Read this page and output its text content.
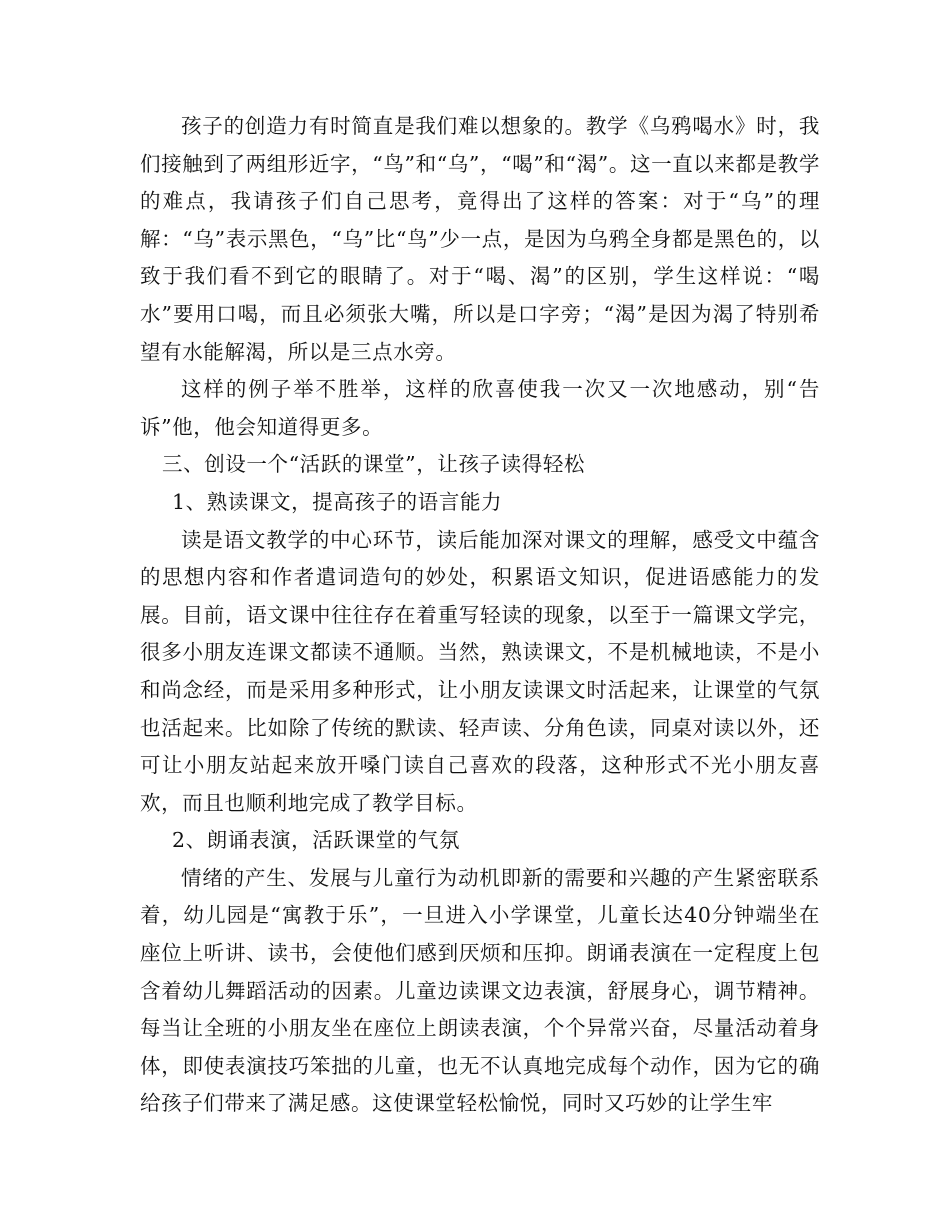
孩子的创造力有时简直是我们难以想象的。教学《乌鸦喝水》时，我们接触到了两组形近字，“鸟”和“乌”，“喝”和“渴”。这一直以来都是教学的难点，我请孩子们自己思考，竟得出了这样的答案：对于“乌”的理解：“乌”表示黑色，“乌”比“鸟”少一点，是因为乌鸦全身都是黑色的，以致于我们看不到它的眼睛了。对于“喝、渴”的区别，学生这样说：“喝水”要用口喝，而且必须张大嘴，所以是口字旁；“渴”是因为渴了特别希望有水能解渴，所以是三点水旁。

这样的例子举不胜举，这样的欣喜使我一次又一次地感动，别“告诉”他，他会知道得更多。

三、创设一个“活跃的课堂”，让孩子读得轻松

1、熟读课文，提高孩子的语言能力

读是语文教学的中心环节，读后能加深对课文的理解，感受文中蕴含的思想内容和作者遣词造句的妙处，积累语文知识，促进语感能力的发展。目前，语文课中往往存在着重写轻读的现象，以至于一篇课文学完，很多小朋友连课文都读不通顺。当然，熟读课文，不是机械地读，不是小和尚念经，而是采用多种形式，让小朋友读课文时活起来，让课堂的气氛也活起来。比如除了传统的默读、轻声读、分角色读，同桌对读以外，还可让小朋友站起来放开嗓门读自己喜欢的段落，这种形式不光小朋友喜欢，而且也顺利地完成了教学目标。

2、朗诵表演，活跃课堂的气氛

情绪的产生、发展与儿童行为动机即新的需要和兴趣的产生紧密联系着，幼儿园是“寓教于乐”，一旦进入小学课堂，儿童长达40分钟端坐在座位上听讲、读书，会使他们感到厌烦和压抑。朗诵表演在一定程度上包含着幼儿舞蹈活动的因素。儿童边读课文边表演，舒展身心，调节精神。每当让全班的小朋友坐在座位上朗读表演，个个异常兴奋，尽量活动着身体，即使表演技巧笨拙的儿童，也无不认真地完成每个动作，因为它的确给孩子们带来了满足感。这使课堂轻松愉悦，同时又巧妙的让学生牢
